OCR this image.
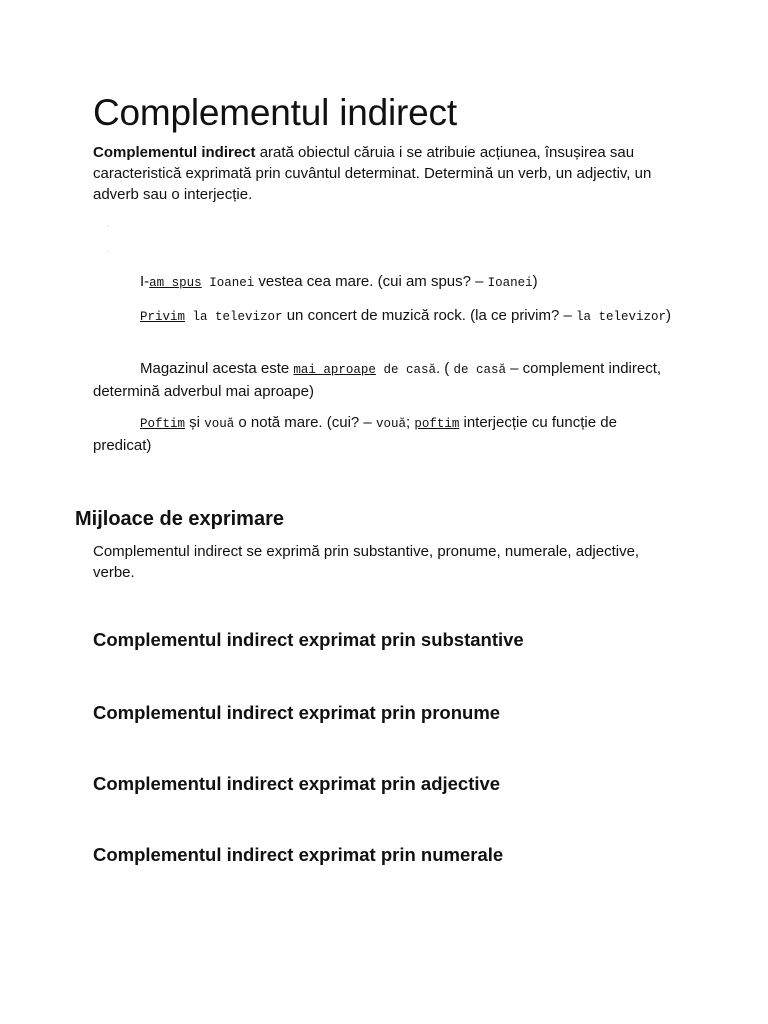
Complementul indirect

Complementul indirect arată obiectul căruia i se atribuie acțiunea, însușirea sau caracteristică exprimată prin cuvântul determinat. Determină un verb, un adjectiv, un adverb sau o interjecție.

·
·

I-am spus Ioanei vestea cea mare. (cui am spus? – Ioanei)

Privim la televizor un concert de muzică rock. (la ce privim? – la televizor)

Magazinul acesta este mai aproape de casă. ( de casă – complement indirect, determină adverbul mai aproape)

Poftim și vouă o notă mare. (cui? – vouă; poftim interjecție cu funcție de predicat)

Mijloace de exprimare

Complementul indirect se exprimă prin substantive, pronume, numerale, adjective, verbe.

Complementul indirect exprimat prin substantive
Complementul indirect exprimat prin pronume
Complementul indirect exprimat prin adjective
Complementul indirect exprimat prin numerale
